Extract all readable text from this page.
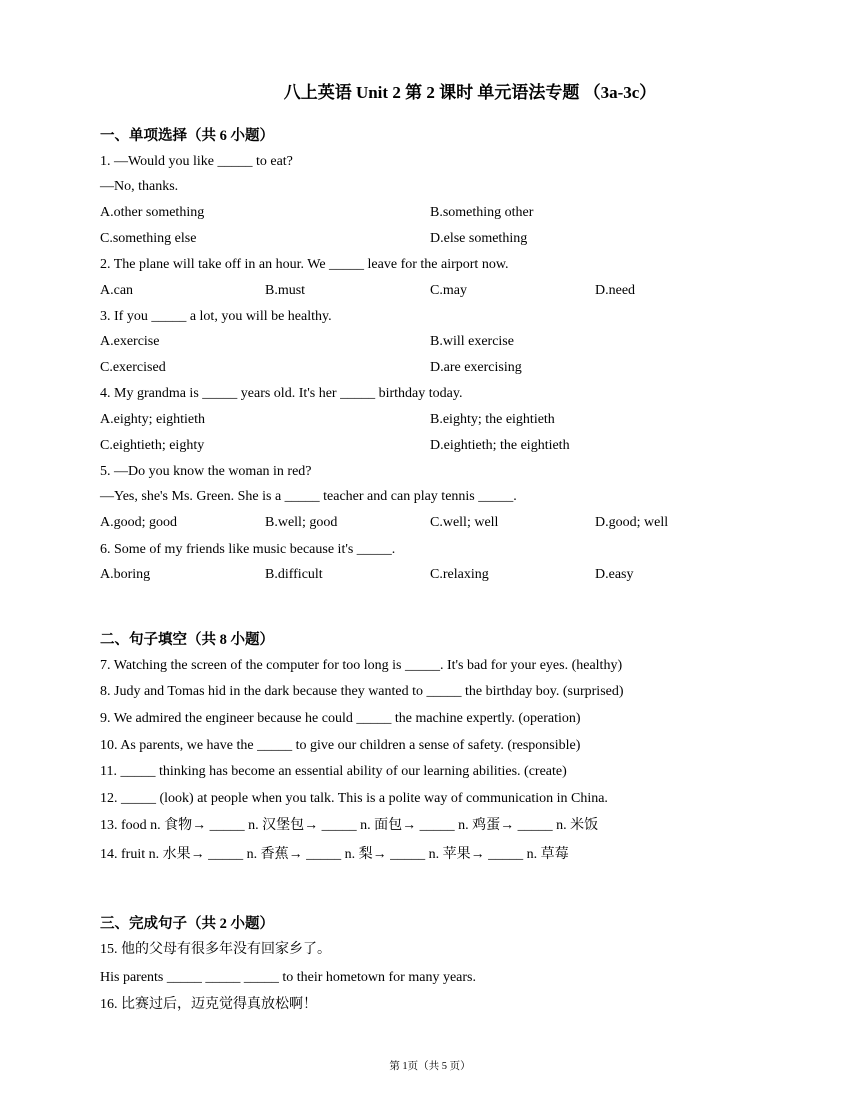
八上英语 Unit 2 第 2 课时 单元语法专题 （3a-3c）
一、单项选择（共 6 小题）
1. —Would you like _____ to eat?
—No, thanks.
A.other something	B.something other
C.something else	D.else something
2. The plane will take off in an hour. We _____ leave for the airport now.
A.can	B.must	C.may	D.need
3. If you _____ a lot, you will be healthy.
A.exercise	B.will exercise
C.exercised	D.are exercising
4. My grandma is _____ years old. It's her _____ birthday today.
A.eighty; eightieth	B.eighty; the eightieth
C.eightieth; eighty	D.eightieth; the eightieth
5. —Do you know the woman in red?
—Yes, she's Ms. Green. She is a _____ teacher and can play tennis _____.
A.good; good	B.well; good	C.well; well	D.good; well
6. Some of my friends like music because it's _____.
A.boring	B.difficult	C.relaxing	D.easy
二、句子填空（共 8 小题）
7. Watching the screen of the computer for too long is _____. It's bad for your eyes. (healthy)
8. Judy and Tomas hid in the dark because they wanted to _____ the birthday boy. (surprised)
9. We admired the engineer because he could _____ the machine expertly. (operation)
10. As parents, we have the _____ to give our children a sense of safety. (responsible)
11. _____ thinking has become an essential ability of our learning abilities. (create)
12. _____ (look) at people when you talk. This is a polite way of communication in China.
13. food n. 食物→ _____ n. 汉堡包→ _____ n. 面包→ _____ n. 鸡蛋→ _____ n. 米饭
14. fruit n. 水果→ _____ n. 香蕉→ _____ n. 梨→ _____ n. 苹果→ _____ n. 草莓
三、完成句子（共 2 小题）
15. 他的父母有很多年没有回家乡了。
His parents _____ _____ _____ to their hometown for many years.
16. 比赛过后，迈克觉得真放松啊！
第 1页（共 5 页）
